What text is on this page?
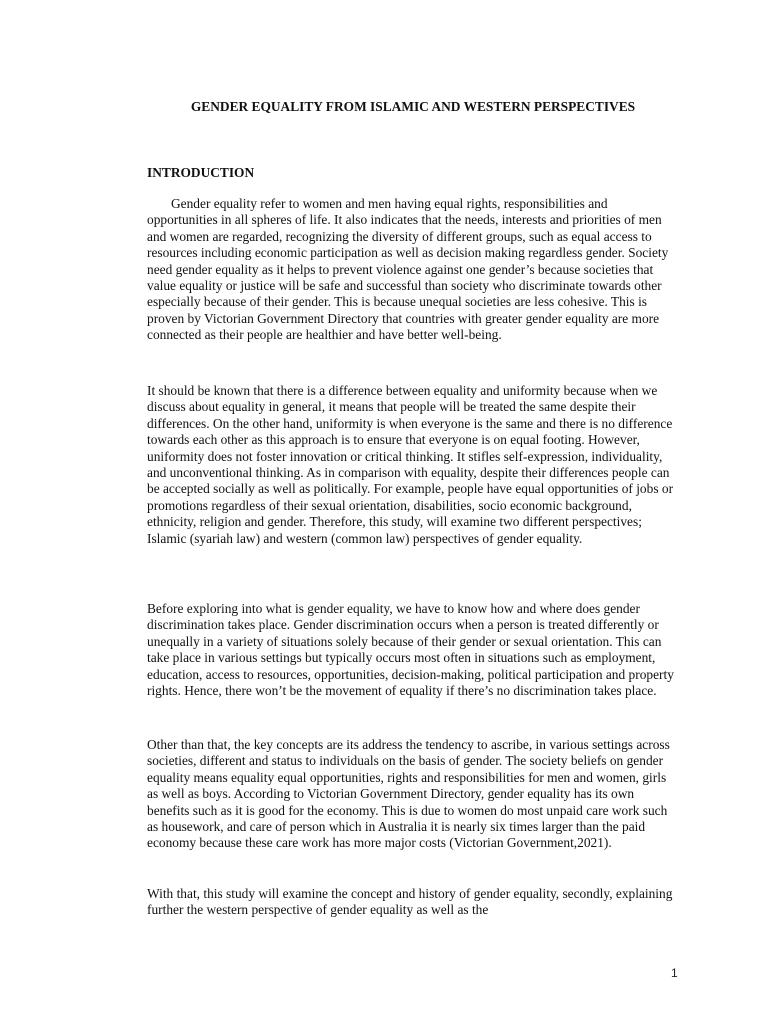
GENDER EQUALITY FROM ISLAMIC AND WESTERN PERSPECTIVES
INTRODUCTION

Gender equality refer to women and men having equal rights, responsibilities and opportunities in all spheres of life. It also indicates that the needs, interests and priorities of men and women are regarded, recognizing the diversity of different groups, such as equal access to resources including economic participation as well as decision making regardless gender. Society need gender equality as it helps to prevent violence against one gender’s because societies that value equality or justice will be safe and successful than society who discriminate towards other especially because of their gender. This is because unequal societies are less cohesive. This is proven by Victorian Government Directory that countries with greater gender equality are more connected as their people are healthier and have better well-being.

It should be known that there is a difference between equality and uniformity because when we discuss about equality in general, it means that people will be treated the same despite their differences. On the other hand, uniformity is when everyone is the same and there is no difference towards each other as this approach is to ensure that everyone is on equal footing. However, uniformity does not foster innovation or critical thinking. It stifles self-expression, individuality, and unconventional thinking. As in comparison with equality, despite their differences people can be accepted socially as well as politically. For example, people have equal opportunities of jobs or promotions regardless of their sexual orientation, disabilities, socio economic background, ethnicity, religion and gender. Therefore, this study, will examine two different perspectives; Islamic (syariah law) and western (common law) perspectives of gender equality.

Before exploring into what is gender equality, we have to know how and where does gender discrimination takes place. Gender discrimination occurs when a person is treated differently or unequally in a variety of situations solely because of their gender or sexual orientation. This can take place in various settings but typically occurs most often in situations such as employment, education, access to resources, opportunities, decision-making, political participation and property rights. Hence, there won’t be the movement of equality if there’s no discrimination takes place.

Other than that, the key concepts are its address the tendency to ascribe, in various settings across societies, different and status to individuals on the basis of gender. The society beliefs on gender equality means equality equal opportunities, rights and responsibilities for men and women, girls as well as boys. According to Victorian Government Directory, gender equality has its own benefits such as it is good for the economy. This is due to women do most unpaid care work such as housework, and care of person which in Australia it is nearly six times larger than the paid economy because these care work has more major costs (Victorian Government,2021).

With that, this study will examine the concept and history of gender equality, secondly, explaining further the western perspective of gender equality as well as the

1
